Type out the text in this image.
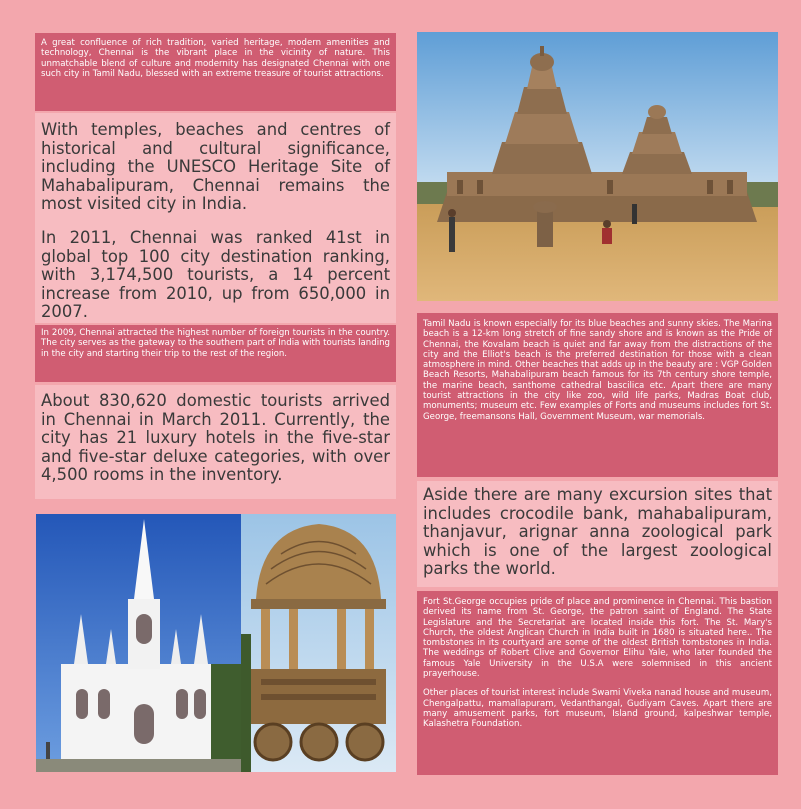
A great confluence of rich tradition, varied heritage, modern amenities and technology, Chennai is the vibrant place in the vicinity of nature. This unmatchable blend of culture and modernity has designated Chennai with one such city in Tamil Nadu, blessed with an extreme treasure of tourist attractions.

With temples, beaches and centres of historical and cultural significance, including the UNESCO Heritage Site of Mahabalipuram, Chennai remains the most visited city in India.

In 2011, Chennai was ranked 41st in global top 100 city destination ranking, with 3,174,500 tourists, a 14 percent increase from 2010, up from 650,000 in 2007.

In 2009, Chennai attracted the highest number of foreign tourists in the country. The city serves as the gateway to the southern part of India with tourists landing in the city and starting their trip to the rest of the region.

About 830,620 domestic tourists arrived in Chennai in March 2011. Currently, the city has 21 luxury hotels in the five-star and five-star deluxe categories, with over 4,500 rooms in the inventory.

Tamil Nadu is known especially for its blue beaches and sunny skies. The Marina beach is a 12-km long stretch of fine sandy shore and is known as the Pride of Chennai, the Kovalam beach is quiet and far away from the distractions of the city and the Elliot's beach is the preferred destination for those with a clean atmosphere in mind. Other beaches that adds up in the beauty are : VGP Golden Beach Resorts, Mahabalipuram beach famous for its 7th century shore temple, the marine beach, santhome cathedral bascilica etc. Apart there are many tourist attractions in the city like zoo, wild life parks, Madras Boat club, monuments; museum etc. Few examples of Forts and museums includes fort St. George, freemansons Hall, Government Museum, war memorials.

Aside there are many excursion sites that includes crocodile bank, mahabalipuram, thanjavur, arignar anna zoological park which is one of the largest zoological parks the world.

Fort St.George occupies pride of place and prominence in Chennai. This bastion derived its name from St. George, the patron saint of England. The State Legislature and the Secretariat are located inside this fort. The St. Mary's Church, the oldest Anglican Church in India built in 1680 is situated here.. The tombstones in its courtyard are some of the oldest British tombstones in India. The weddings of Robert Clive and Governor Elihu Yale, who later founded the famous Yale University in the U.S.A were solemnised in this ancient prayerhouse.

Other places of tourist interest include Swami Viveka nanad house and museum, Chengalpattu, mamallapuram, Vedanthangal, Gudiyam Caves. Apart there are many amusement parks, fort museum, Island ground, kalpeshwar temple, Kalashetra Foundation.
